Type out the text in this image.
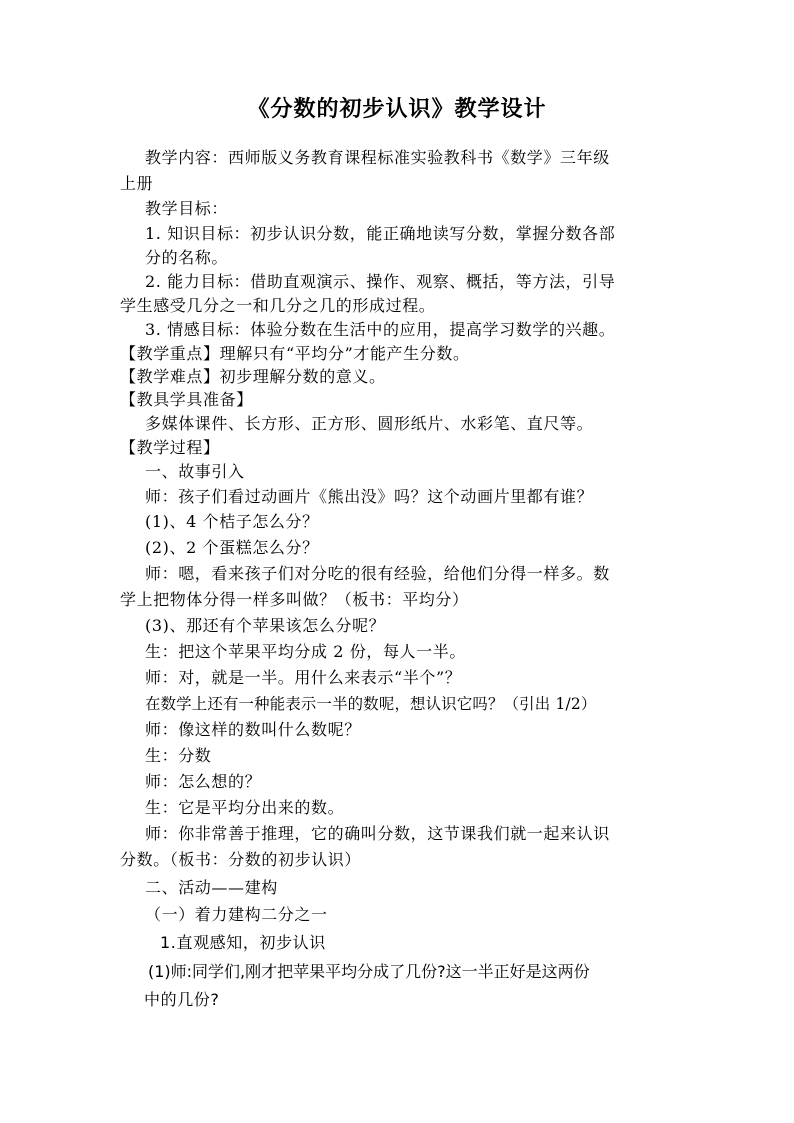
《分数的初步认识》教学设计
教学内容：西师版义务教育课程标准实验教科书《数学》三年级
上册
教学目标：
1. 知识目标：初步认识分数，能正确地读写分数，掌握分数各部
分的名称。
2. 能力目标：借助直观演示、操作、观察、概括，等方法，引导
学生感受几分之一和几分之几的形成过程。
3. 情感目标：体验分数在生活中的应用，提高学习数学的兴趣。
【教学重点】理解只有“平均分”才能产生分数。
【教学难点】初步理解分数的意义。
【教具学具准备】
多媒体课件、长方形、正方形、圆形纸片、水彩笔、直尺等。
【教学过程】
一、故事引入
师：孩子们看过动画片《熊出没》吗？这个动画片里都有谁？
(1)、4 个桔子怎么分？
(2)、2 个蛋糕怎么分？
师：嗯，看来孩子们对分吃的很有经验，给他们分得一样多。数
学上把物体分得一样多叫做？（板书：平均分）
(3)、那还有个苹果该怎么分呢？
生：把这个苹果平均分成 2 份，每人一半。
师：对，就是一半。用什么来表示“半个”？
在数学上还有一种能表示一半的数呢，想认识它吗？（引出 1/2）
师：像这样的数叫什么数呢？
生：分数
师：怎么想的？
生：它是平均分出来的数。
师：你非常善于推理，它的确叫分数，这节课我们就一起来认识
分数。（板书：分数的初步认识）
二、活动——建构
（一）着力建构二分之一
1.直观感知，初步认识
(1)师:同学们,刚才把苹果平均分成了几份?这一半正好是这两份
中的几份?
